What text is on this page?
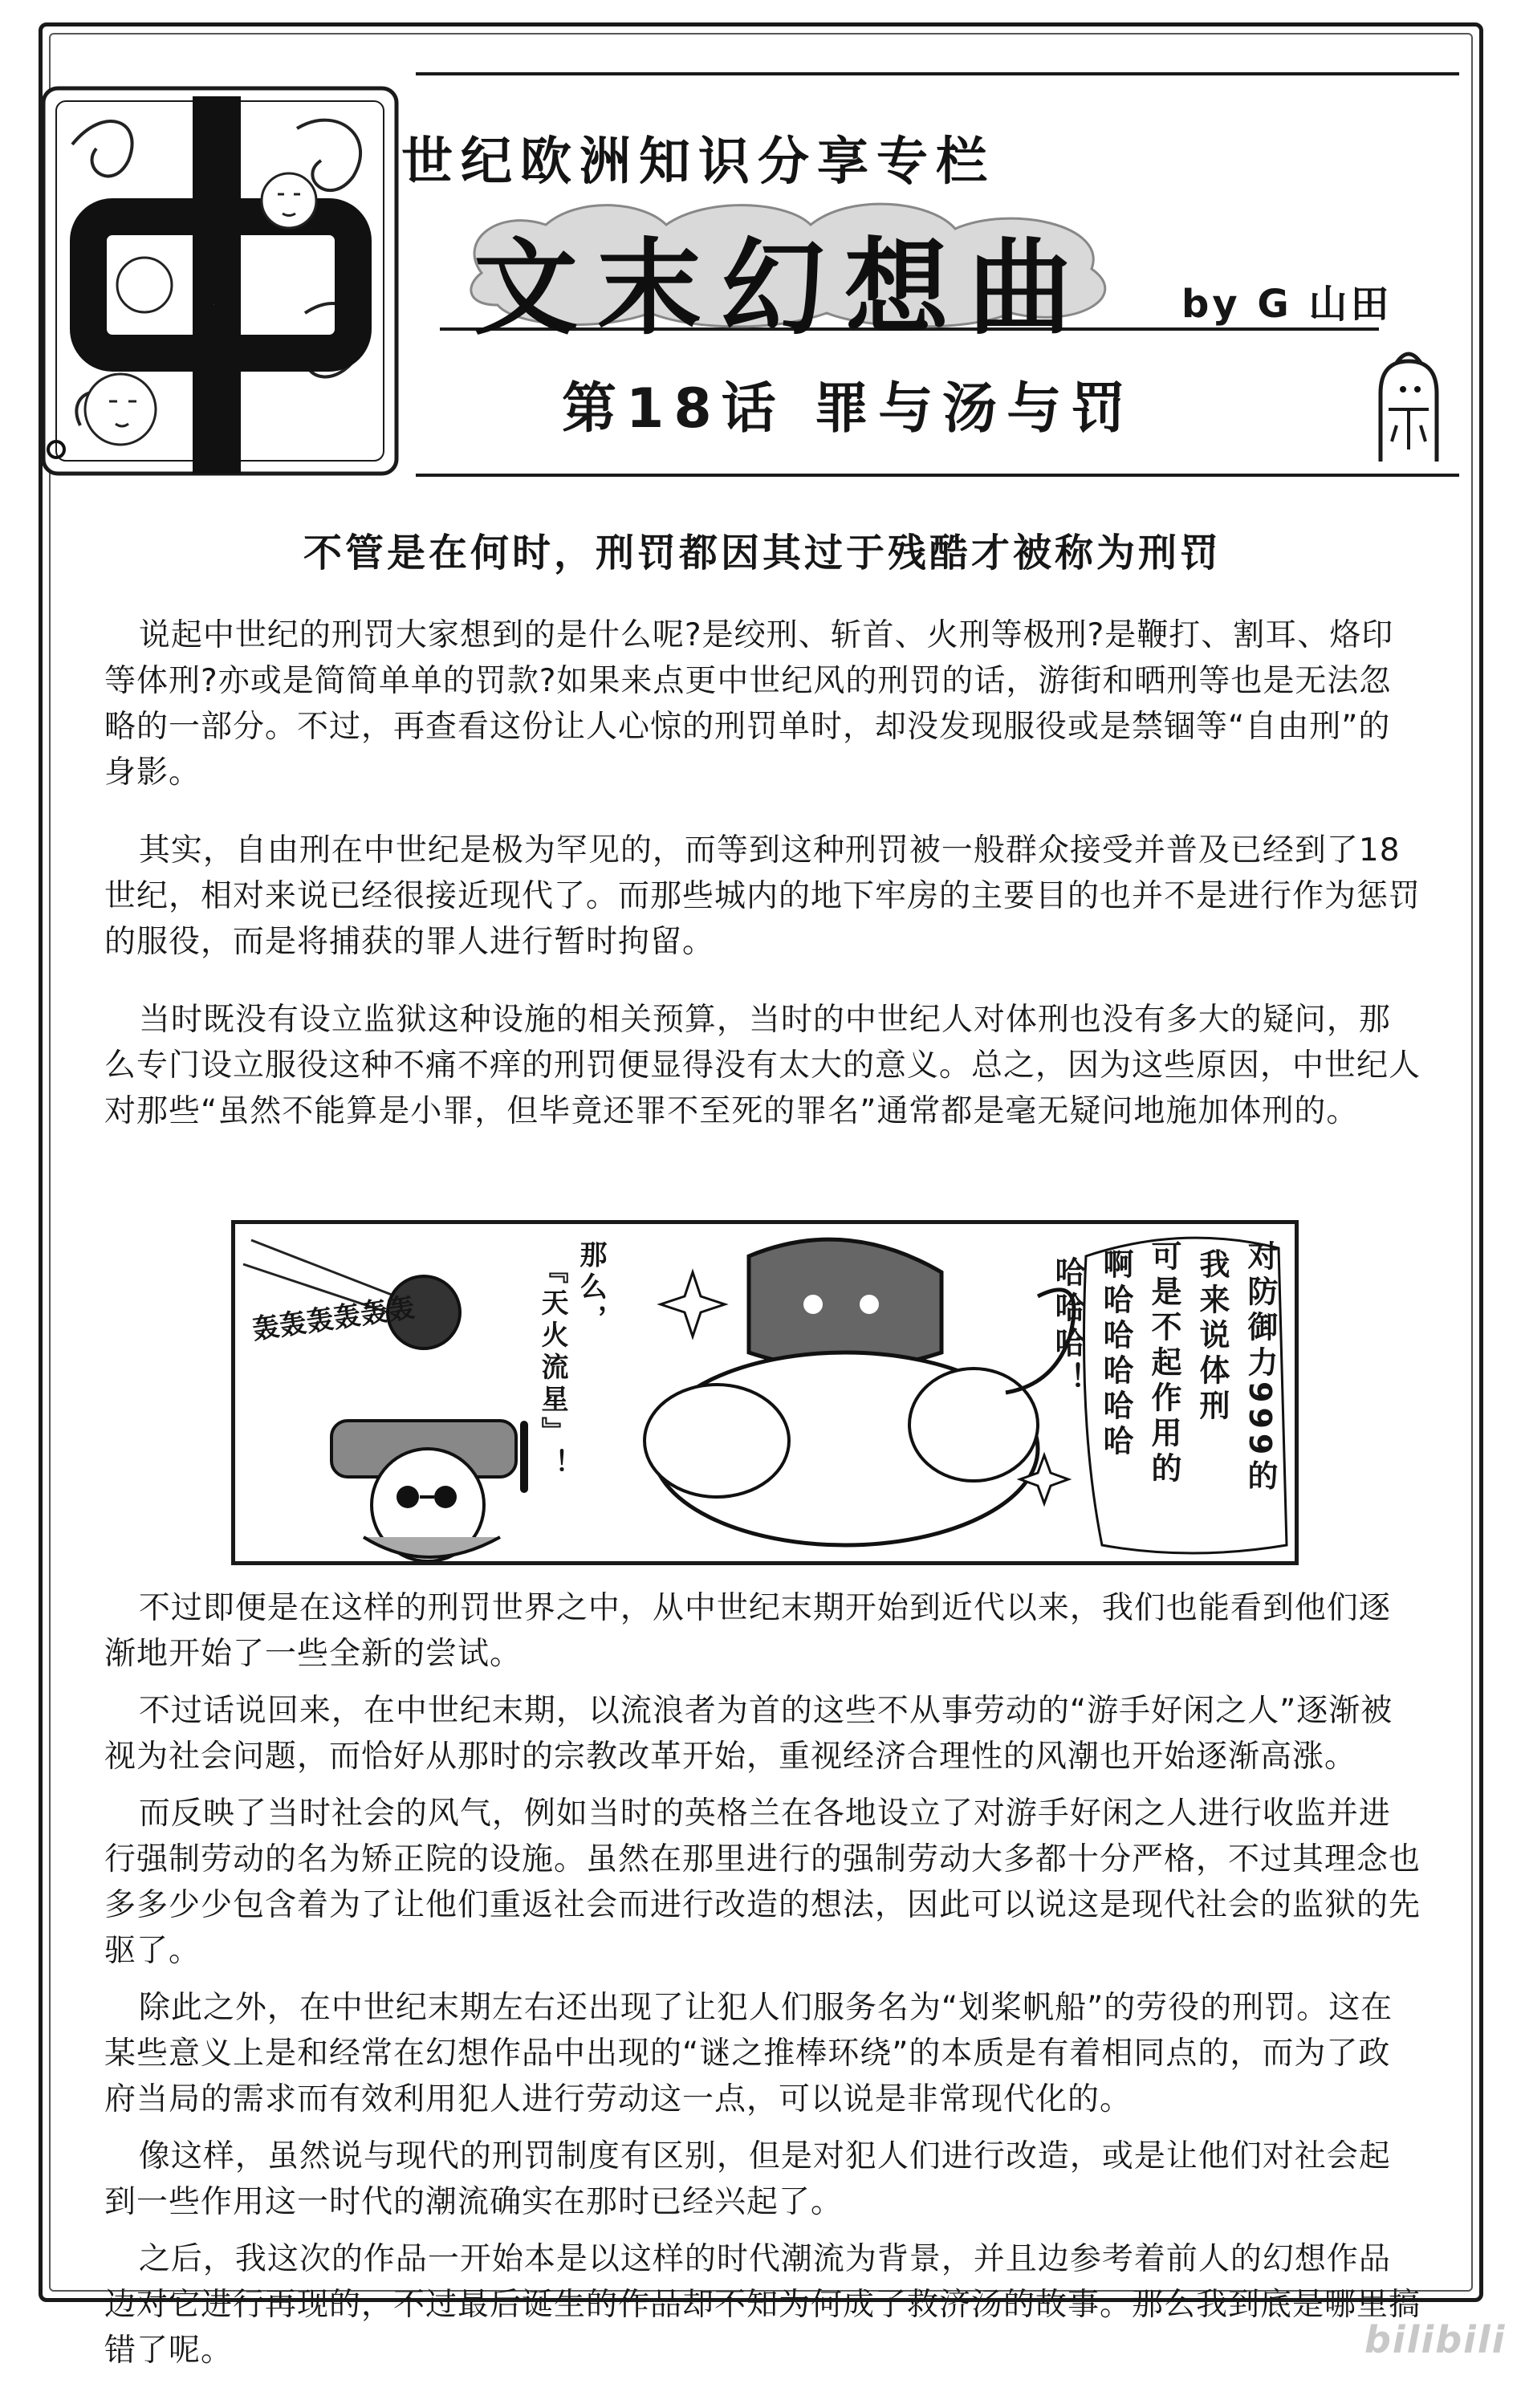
中
世纪欧洲知识分享专栏
文末幻想曲 by G 山田
第18话 罪与汤与罚
不管是在何时，刑罚都因其过于残酷才被称为刑罚

说起中世纪的刑罚大家想到的是什么呢?是绞刑、斩首、火刑等极刑?是鞭打、割耳、烙印等体刑?亦或是简简单单的罚款?如果来点更中世纪风的刑罚的话，游街和晒刑等也是无法忽略的一部分。不过，再查看这份让人心惊的刑罚单时，却没发现服役或是禁锢等“自由刑”的身影。

其实，自由刑在中世纪是极为罕见的，而等到这种刑罚被一般群众接受并普及已经到了18世纪，相对来说已经很接近现代了。而那些城内的地下牢房的主要目的也并不是进行作为惩罚的服役，而是将捕获的罪人进行暂时拘留。

当时既没有设立监狱这种设施的相关预算，当时的中世纪人对体刑也没有多大的疑问，那么专门设立服役这种不痛不痒的刑罚便显得没有太大的意义。总之，因为这些原因，中世纪人对那些“虽然不能算是小罪，但毕竟还罪不至死的罪名”通常都是毫无疑问地施加体刑的。

轰轰轰轰轰轰	那么，
『天火流星』！	对防御力999的
我来说体刑
可是不起作用的
啊哈哈哈哈哈
哈哈哈！

不过即便是在这样的刑罚世界之中，从中世纪末期开始到近代以来，我们也能看到他们逐渐地开始了一些全新的尝试。

不过话说回来，在中世纪末期，以流浪者为首的这些不从事劳动的“游手好闲之人”逐渐被视为社会问题，而恰好从那时的宗教改革开始，重视经济合理性的风潮也开始逐渐高涨。

而反映了当时社会的风气，例如当时的英格兰在各地设立了对游手好闲之人进行收监并进行强制劳动的名为矫正院的设施。虽然在那里进行的强制劳动大多都十分严格，不过其理念也多多少少包含着为了让他们重返社会而进行改造的想法，因此可以说这是现代社会的监狱的先驱了。

除此之外，在中世纪末期左右还出现了让犯人们服务名为“划桨帆船”的劳役的刑罚。这在某些意义上是和经常在幻想作品中出现的“谜之推棒环绕”的本质是有着相同点的，而为了政府当局的需求而有效利用犯人进行劳动这一点，可以说是非常现代化的。

像这样，虽然说与现代的刑罚制度有区别，但是对犯人们进行改造，或是让他们对社会起到一些作用这一时代的潮流确实在那时已经兴起了。

之后，我这次的作品一开始本是以这样的时代潮流为背景，并且边参考着前人的幻想作品边对它进行再现的，不过最后诞生的作品却不知为何成了救济汤的故事。那么我到底是哪里搞错了呢。	bilibili
